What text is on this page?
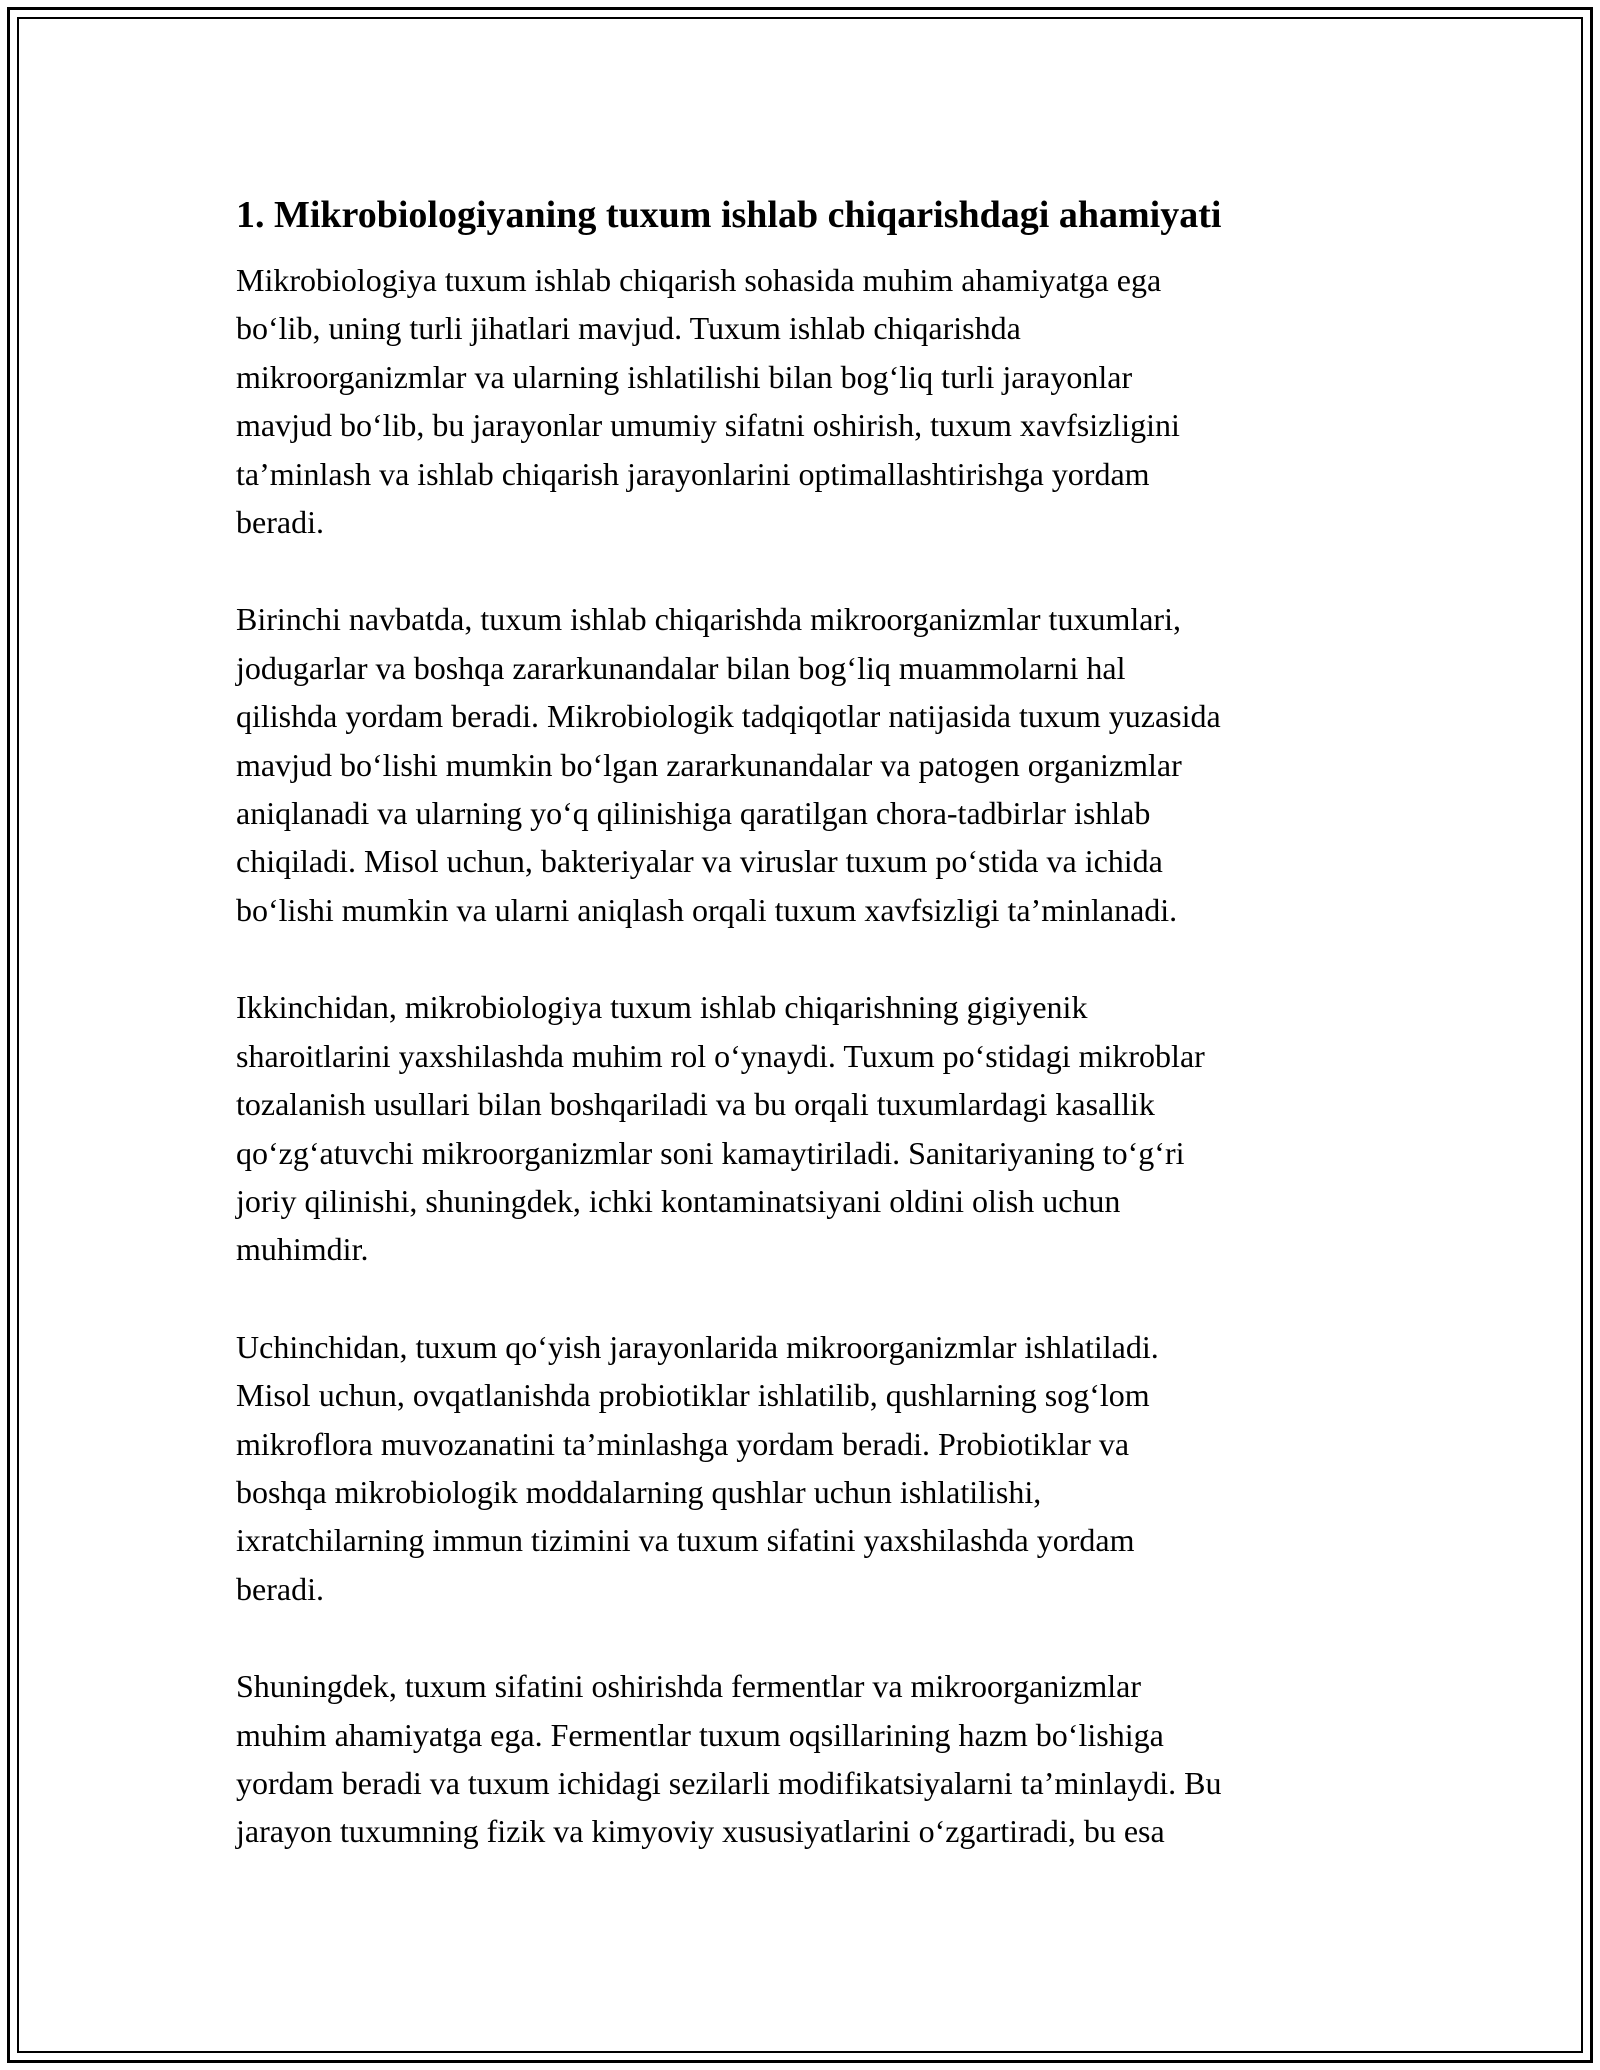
1. Mikrobiologiyaning tuxum ishlab chiqarishdagi ahamiyati

Mikrobiologiya tuxum ishlab chiqarish sohasida muhim ahamiyatga ega
bo‘lib, uning turli jihatlari mavjud. Tuxum ishlab chiqarishda
mikroorganizmlar va ularning ishlatilishi bilan bog‘liq turli jarayonlar
mavjud bo‘lib, bu jarayonlar umumiy sifatni oshirish, tuxum xavfsizligini
ta’minlash va ishlab chiqarish jarayonlarini optimallashtirishga yordam
beradi.

Birinchi navbatda, tuxum ishlab chiqarishda mikroorganizmlar tuxumlari,
jodugarlar va boshqa zararkunandalar bilan bog‘liq muammolarni hal
qilishda yordam beradi. Mikrobiologik tadqiqotlar natijasida tuxum yuzasida
mavjud bo‘lishi mumkin bo‘lgan zararkunandalar va patogen organizmlar
aniqlanadi va ularning yo‘q qilinishiga qaratilgan chora-tadbirlar ishlab
chiqiladi. Misol uchun, bakteriyalar va viruslar tuxum po‘stida va ichida
bo‘lishi mumkin va ularni aniqlash orqali tuxum xavfsizligi ta’minlanadi.

Ikkinchidan, mikrobiologiya tuxum ishlab chiqarishning gigiyenik
sharoitlarini yaxshilashda muhim rol o‘ynaydi. Tuxum po‘stidagi mikroblar
tozalanish usullari bilan boshqariladi va bu orqali tuxumlardagi kasallik
qo‘zg‘atuvchi mikroorganizmlar soni kamaytiriladi. Sanitariyaning to‘g‘ri
joriy qilinishi, shuningdek, ichki kontaminatsiyani oldini olish uchun
muhimdir.

Uchinchidan, tuxum qo‘yish jarayonlarida mikroorganizmlar ishlatiladi.
Misol uchun, ovqatlanishda probiotiklar ishlatilib, qushlarning sog‘lom
mikroflora muvozanatini ta’minlashga yordam beradi. Probiotiklar va
boshqa mikrobiologik moddalarning qushlar uchun ishlatilishi,
ixratchilarning immun tizimini va tuxum sifatini yaxshilashda yordam
beradi.

Shuningdek, tuxum sifatini oshirishda fermentlar va mikroorganizmlar
muhim ahamiyatga ega. Fermentlar tuxum oqsillarining hazm bo‘lishiga
yordam beradi va tuxum ichidagi sezilarli modifikatsiyalarni ta’minlaydi. Bu
jarayon tuxumning fizik va kimyoviy xususiyatlarini o‘zgartiradi, bu esa
